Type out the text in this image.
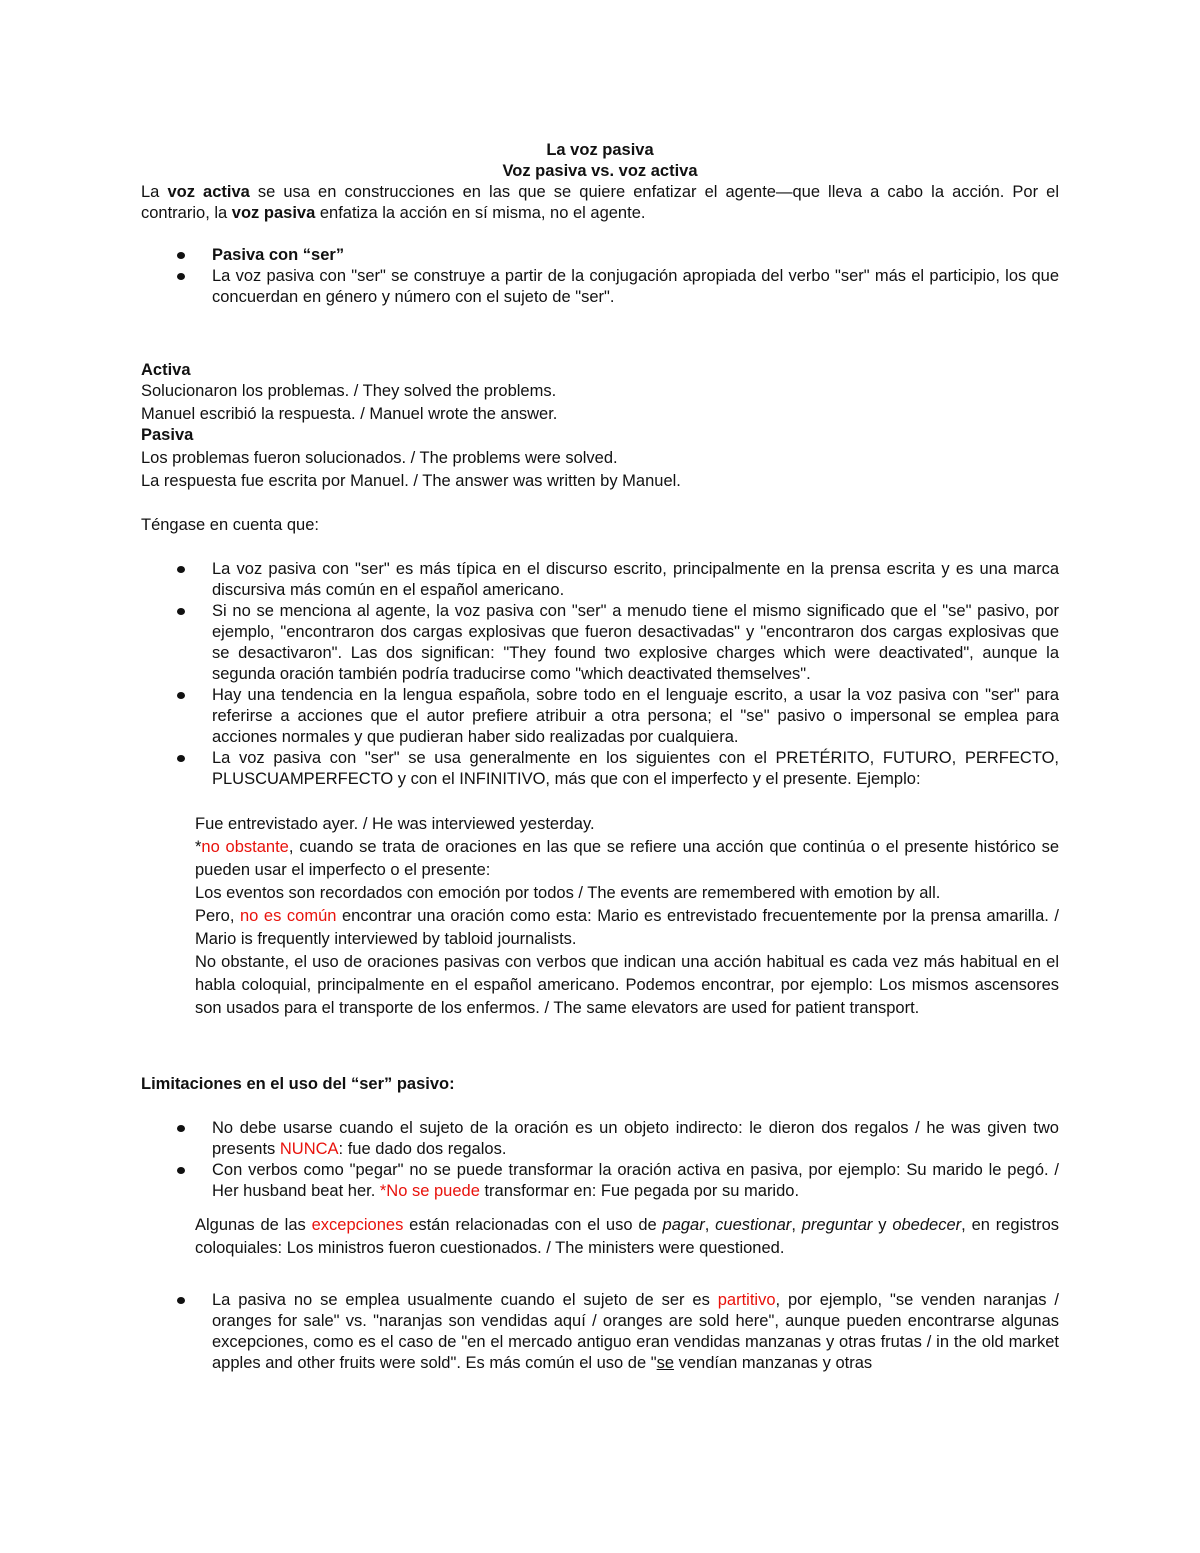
La voz pasiva
Voz pasiva vs. voz activa

La voz activa se usa en construcciones en las que se quiere enfatizar el agente—que lleva a cabo la acción. Por el contrario, la voz pasiva enfatiza la acción en sí misma, no el agente.

Pasiva con “ser”
La voz pasiva con "ser" se construye a partir de la conjugación apropiada del verbo "ser" más el participio, los que concuerdan en género y número con el sujeto de "ser".

Activa

Solucionaron los problemas. / They solved the problems.

Manuel escribió la respuesta. / Manuel wrote the answer.

Pasiva

Los problemas fueron solucionados. / The problems were solved.

La respuesta fue escrita por Manuel. / The answer was written by Manuel.

Téngase en cuenta que:

La voz pasiva con "ser" es más típica en el discurso escrito, principalmente en la prensa escrita y es una marca discursiva más común en el español americano.
Si no se menciona al agente, la voz pasiva con "ser" a menudo tiene el mismo significado que el "se" pasivo, por ejemplo, "encontraron dos cargas explosivas que fueron desactivadas" y "encontraron dos cargas explosivas que se desactivaron". Las dos significan: "They found two explosive charges which were deactivated", aunque la segunda oración también podría traducirse como "which deactivated themselves".
Hay una tendencia en la lengua española, sobre todo en el lenguaje escrito, a usar la voz pasiva con "ser" para referirse a acciones que el autor prefiere atribuir a otra persona; el "se" pasivo o impersonal se emplea para acciones normales y que pudieran haber sido realizadas por cualquiera.
La voz pasiva con "ser" se usa generalmente en los siguientes con el PRETÉRITO, FUTURO, PERFECTO, PLUSCUAMPERFECTO y con el INFINITIVO, más que con el imperfecto y el presente. Ejemplo:

Fue entrevistado ayer. / He was interviewed yesterday.

*no obstante, cuando se trata de oraciones en las que se refiere una acción que continúa o el presente histórico se pueden usar el imperfecto o el presente:

Los eventos son recordados con emoción por todos / The events are remembered with emotion by all.

Pero, no es común encontrar una oración como esta: Mario es entrevistado frecuentemente por la prensa amarilla. / Mario is frequently interviewed by tabloid journalists.

No obstante, el uso de oraciones pasivas con verbos que indican una acción habitual es cada vez más habitual en el habla coloquial, principalmente en el español americano. Podemos encontrar, por ejemplo: Los mismos ascensores son usados para el transporte de los enfermos. / The same elevators are used for patient transport.

Limitaciones en el uso del “ser” pasivo:

No debe usarse cuando el sujeto de la oración es un objeto indirecto: le dieron dos regalos / he was given two presents NUNCA: fue dado dos regalos.
Con verbos como "pegar" no se puede transformar la oración activa en pasiva, por ejemplo: Su marido le pegó. / Her husband beat her. *No se puede transformar en: Fue pegada por su marido.
Algunas de las excepciones están relacionadas con el uso de pagar, cuestionar, preguntar y obedecer, en registros coloquiales: Los ministros fueron cuestionados. / The ministers were questioned.
La pasiva no se emplea usualmente cuando el sujeto de ser es partitivo, por ejemplo, "se venden naranjas / oranges for sale" vs. "naranjas son vendidas aquí / oranges are sold here", aunque pueden encontrarse algunas excepciones, como es el caso de "en el mercado antiguo eran vendidas manzanas y otras frutas / in the old market apples and other fruits were sold". Es más común el uso de "se vendían manzanas y otras
